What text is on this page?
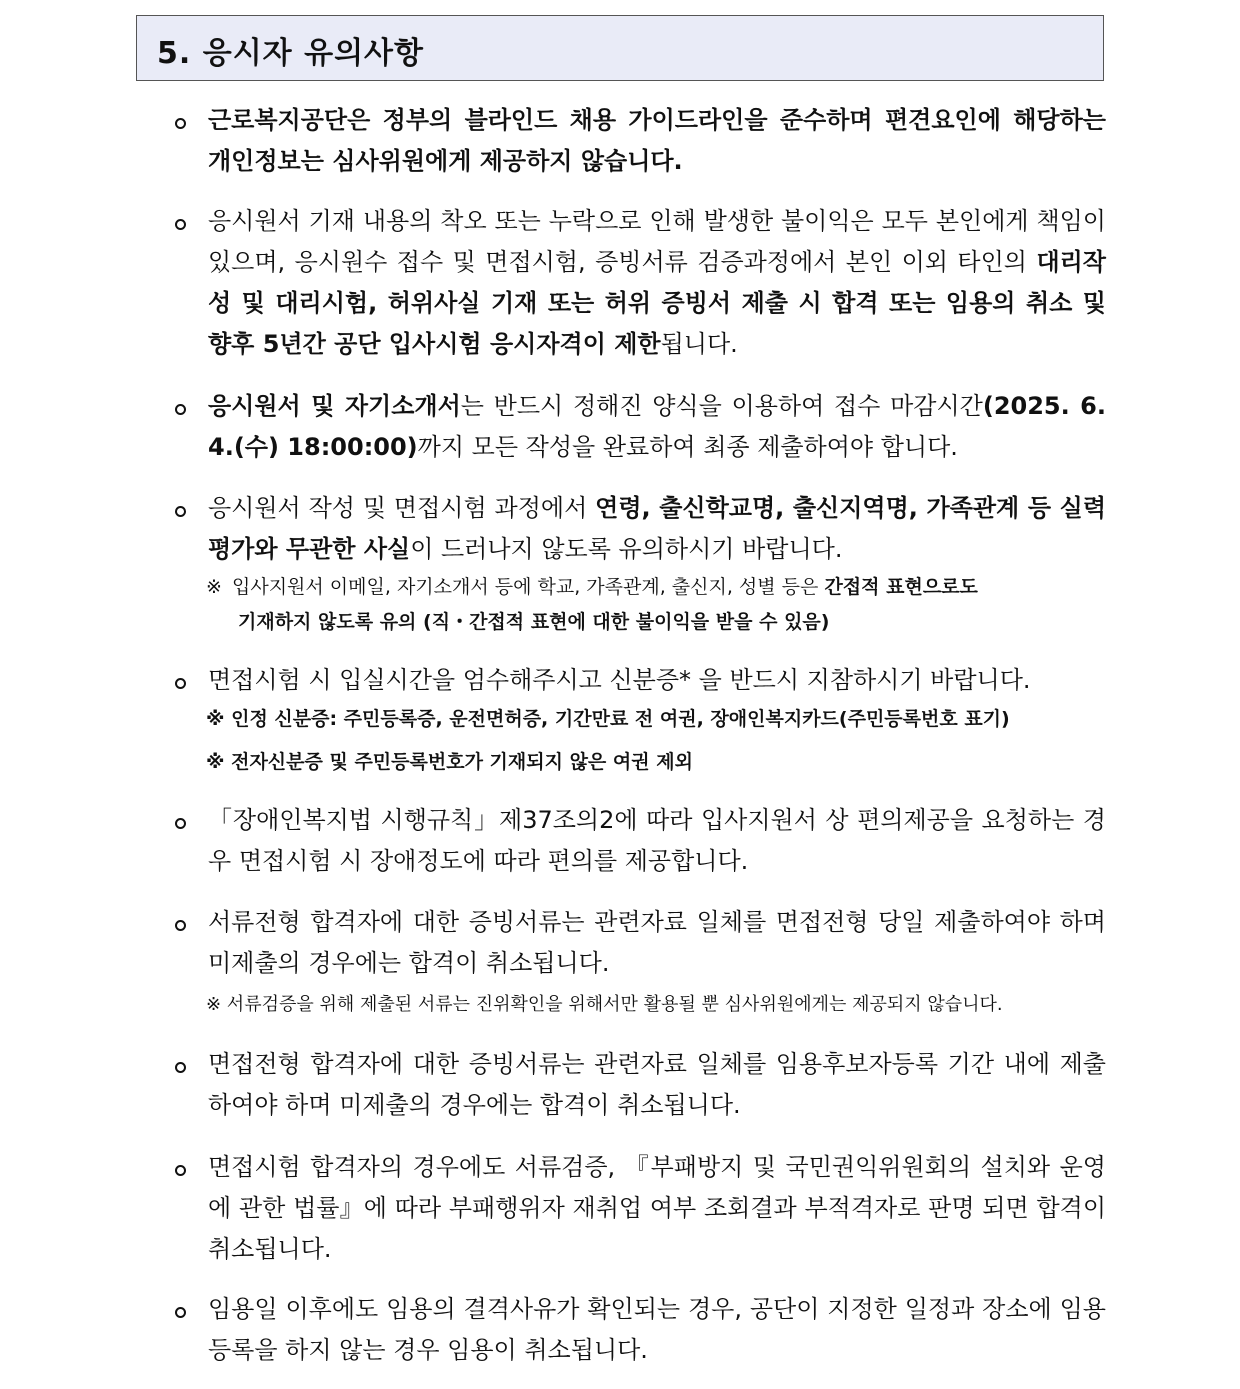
5. 응시자 유의사항
근로복지공단은 정부의 블라인드 채용 가이드라인을 준수하며 편견요인에 해당하는 개인정보는 심사위원에게 제공하지 않습니다.
응시원서 기재 내용의 착오 또는 누락으로 인해 발생한 불이익은 모두 본인에게 책임이 있으며, 응시원수 접수 및 면접시험, 증빙서류 검증과정에서 본인 이외 타인의 대리작성 및 대리시험, 허위사실 기재 또는 허위 증빙서 제출 시 합격 또는 임용의 취소 및 향후 5년간 공단 입사시험 응시자격이 제한됩니다.
응시원서 및 자기소개서는 반드시 정해진 양식을 이용하여 접수 마감시간(2025. 6. 4.(수) 18:00:00)까지 모든 작성을 완료하여 최종 제출하여야 합니다.
응시원서 작성 및 면접시험 과정에서 연령, 출신학교명, 출신지역명, 가족관계 등 실력평가와 무관한 사실이 드러나지 않도록 유의하시기 바랍니다.
※ 입사지원서 이메일, 자기소개서 등에 학교, 가족관계, 출신지, 성별 등은 간접적 표현으로도
기재하지 않도록 유의 (직・간접적 표현에 대한 불이익을 받을 수 있음)
면접시험 시 입실시간을 엄수해주시고 신분증* 을 반드시 지참하시기 바랍니다.
※ 인정 신분증: 주민등록증, 운전면허증, 기간만료 전 여권, 장애인복지카드(주민등록번호 표기)
※ 전자신분증 및 주민등록번호가 기재되지 않은 여권 제외
「장애인복지법 시행규칙」제37조의2에 따라 입사지원서 상 편의제공을 요청하는 경우 면접시험 시 장애정도에 따라 편의를 제공합니다.
서류전형 합격자에 대한 증빙서류는 관련자료 일체를 면접전형 당일 제출하여야 하며 미제출의 경우에는 합격이 취소됩니다.
※ 서류검증을 위해 제출된 서류는 진위확인을 위해서만 활용될 뿐 심사위원에게는 제공되지 않습니다.
면접전형 합격자에 대한 증빙서류는 관련자료 일체를 임용후보자등록 기간 내에 제출하여야 하며 미제출의 경우에는 합격이 취소됩니다.
면접시험 합격자의 경우에도 서류검증, 『부패방지 및 국민권익위원회의 설치와 운영에 관한 법률』에 따라 부패행위자 재취업 여부 조회결과 부적격자로 판명 되면 합격이 취소됩니다.
임용일 이후에도 임용의 결격사유가 확인되는 경우, 공단이 지정한 일정과 장소에 임용등록을 하지 않는 경우 임용이 취소됩니다.
